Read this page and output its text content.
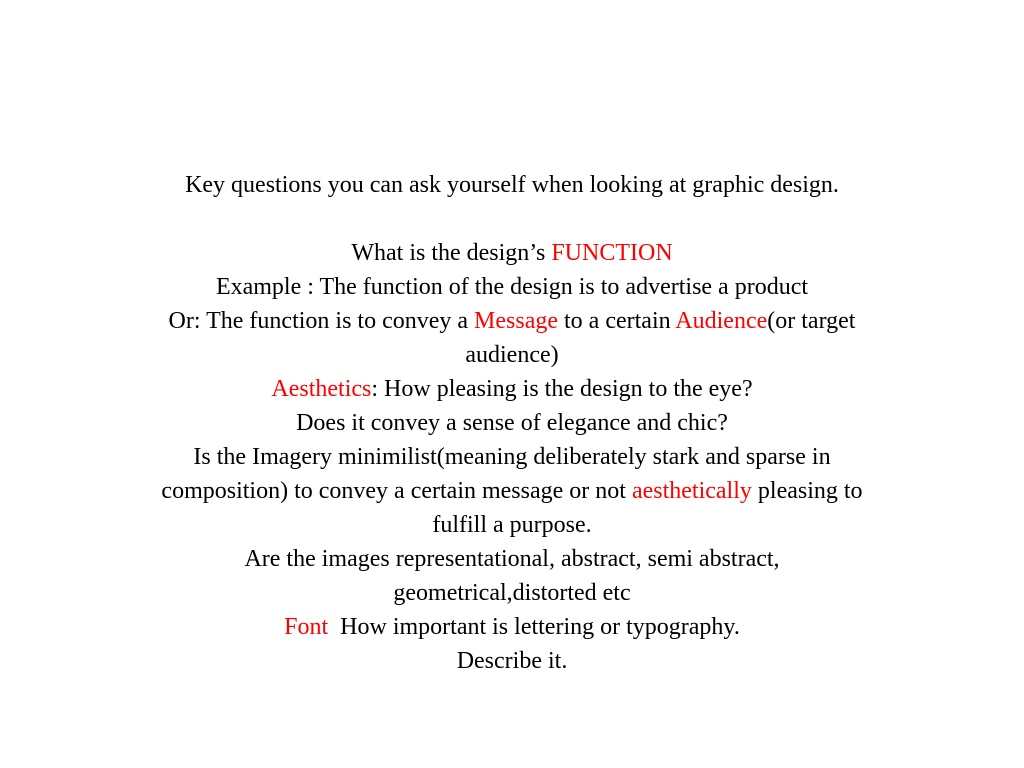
Key questions you can ask yourself when looking at graphic design.
What is the design’s FUNCTION
Example : The function of the design is to advertise a product
Or: The function is to convey a Message to a certain Audience(or target
audience)
Aesthetics: How pleasing is the design to the eye?
Does it convey a sense of elegance and chic?
Is the Imagery minimilist(meaning deliberately stark and sparse in
composition) to convey a certain message or not aesthetically pleasing to
fulfill a purpose.
Are the images representational, abstract, semi abstract,
geometrical,distorted etc
Font  How important is lettering or typography.
Describe it.
